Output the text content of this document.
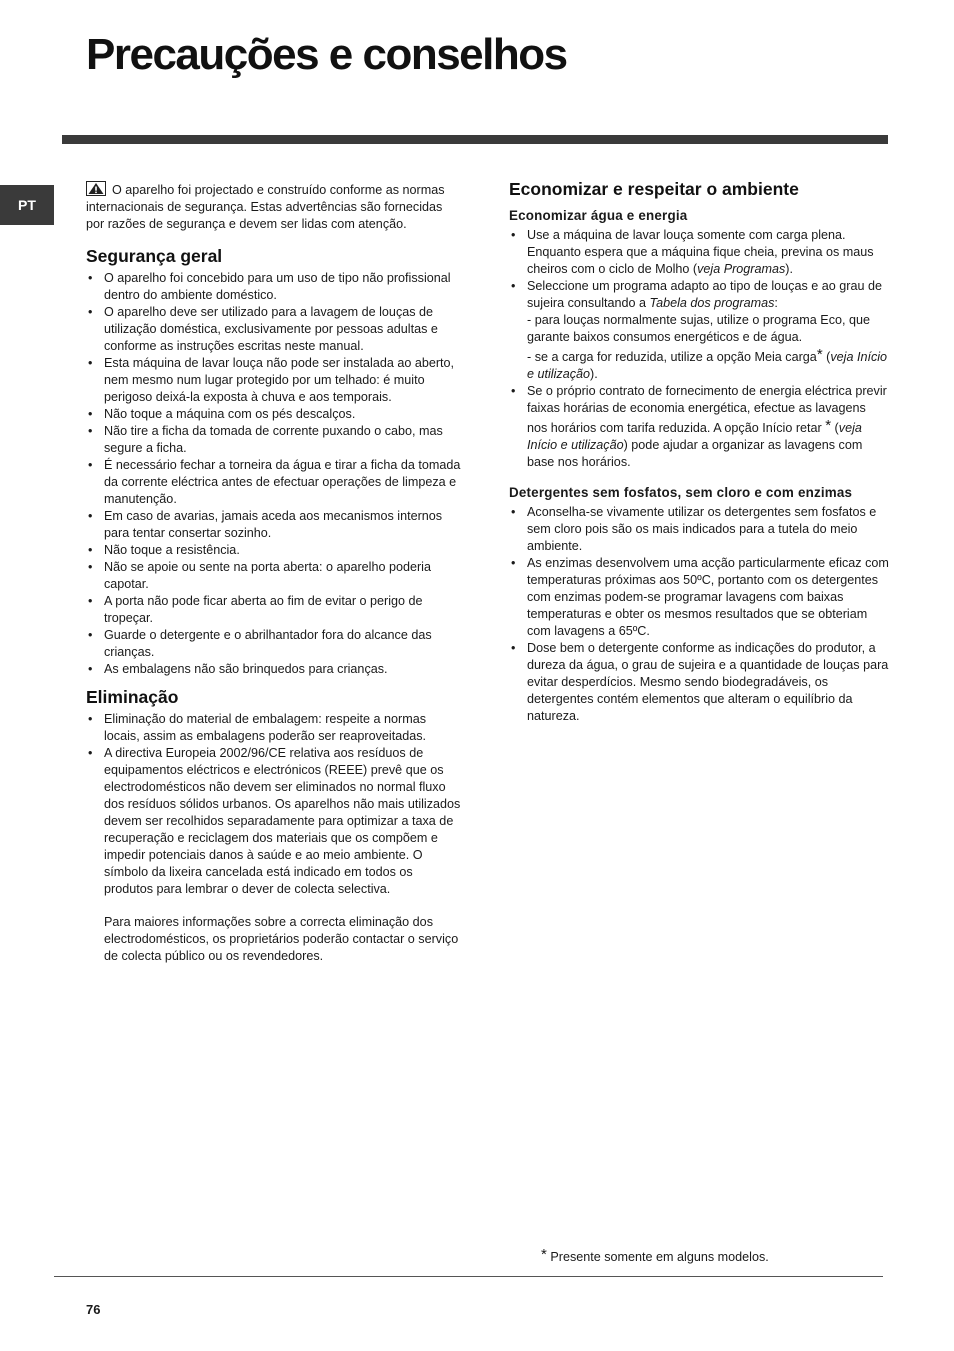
Precauções e conselhos
PT

O aparelho foi projectado e construído conforme as normas internacionais de segurança. Estas advertências são fornecidas por razões de segurança e devem ser lidas com atenção.

Segurança geral
• O aparelho foi concebido para um uso de tipo não profissional dentro do ambiente doméstico.
• O aparelho deve ser utilizado para a lavagem de louças de utilização doméstica, exclusivamente por pessoas adultas e conforme as instruções escritas neste manual.
• Esta máquina de lavar louça não pode ser instalada ao aberto, nem mesmo num lugar protegido por um telhado: é muito perigoso deixá-la exposta à chuva e aos temporais.
• Não toque a máquina com os pés descalços.
• Não tire a ficha da tomada de corrente puxando o cabo, mas segure a ficha.
• É necessário fechar a torneira da água e tirar a ficha da tomada da corrente eléctrica antes de efectuar operações de limpeza e manutenção.
• Em caso de avarias, jamais aceda aos mecanismos internos para tentar consertar sozinho.
• Não toque a resistência.
• Não se apoie ou sente na porta aberta: o aparelho poderia capotar.
• A porta não pode ficar aberta ao fim de evitar o perigo de tropeçar.
• Guarde o detergente e o abrilhantador fora do alcance das crianças.
• As embalagens não são brinquedos para crianças.
Eliminação
• Eliminação do material de embalagem: respeite a normas locais, assim as embalagens poderão ser reaproveitadas.
• A directiva Europeia 2002/96/CE relativa aos resíduos de equipamentos eléctricos e electrónicos (REEE) prevê que os electrodomésticos não devem ser eliminados no normal fluxo dos resíduos sólidos urbanos. Os aparelhos não mais utilizados devem ser recolhidos separadamente para optimizar a taxa de recuperação e reciclagem dos materiais que os compõem e impedir potenciais danos à saúde e ao meio ambiente. O símbolo da lixeira cancelada está indicado em todos os produtos para lembrar o dever de colecta selectiva.

Para maiores informações sobre a correcta eliminação dos electrodomésticos, os proprietários poderão contactar o serviço de colecta público ou os revendedores.

Economizar e respeitar o ambiente
Economizar água e energia
• Use a máquina de lavar louça somente com carga plena. Enquanto espera que a máquina fique cheia, previna os maus cheiros com o ciclo de Molho (veja Programas).
• Seleccione um programa adapto ao tipo de louças e ao grau de sujeira consultando a Tabela dos programas:
- para louças normalmente sujas, utilize o programa Eco, que garante baixos consumos energéticos e de água.
- se a carga for reduzida, utilize a opção Meia carga* (veja Início e utilização).
• Se o próprio contrato de fornecimento de energia eléctrica previr faixas horárias de economia energética, efectue as lavagens nos horários com tarifa reduzida. A opção Início retar * (veja Início e utilização) pode ajudar a organizar as lavagens com base nos horários.
Detergentes sem fosfatos, sem cloro e com enzimas
• Aconselha-se vivamente utilizar os detergentes sem fosfatos e sem cloro pois são os mais indicados para a tutela do meio ambiente.
• As enzimas desenvolvem uma acção particularmente eficaz com temperaturas próximas aos 50ºC, portanto com os detergentes com enzimas podem-se programar lavagens com baixas temperaturas e obter os mesmos resultados que se obteriam com lavagens a 65ºC.
• Dose bem o detergente conforme as indicações do produtor, a dureza da água, o grau de sujeira e a quantidade de louças para evitar desperdícios. Mesmo sendo biodegradáveis, os detergentes contém elementos que alteram o equilíbrio da natureza.
* Presente somente em alguns modelos.
76
